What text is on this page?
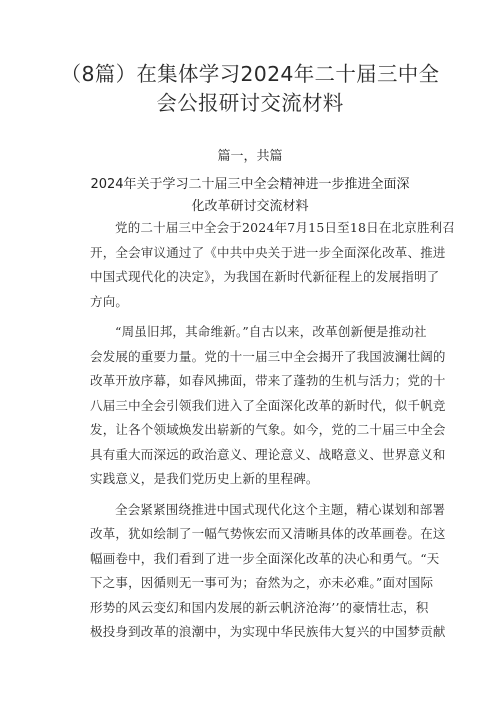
（8篇）在集体学习2024年二十届三中全
会公报研讨交流材料
篇一，共篇
2024年关于学习二十届三中全会精神进一步推进全面深
化改革研讨交流材料
党的二十届三中全会于2024年7月15日至18日在北京胜利召
开，全会审议通过了《中共中央关于进一步全面深化改革、推进
中国式现代化的决定》，为我国在新时代新征程上的发展指明了
方向。
“周虽旧邦，其命维新。”自古以来，改革创新便是推动社
会发展的重要力量。党的十一届三中全会揭开了我国波澜壮阔的
改革开放序幕，如春风拂面，带来了蓬勃的生机与活力；党的十
八届三中全会引领我们进入了全面深化改革的新时代，似千帆竞
发，让各个领域焕发出崭新的气象。如今，党的二十届三中全会
具有重大而深远的政治意义、理论意义、战略意义、世界意义和
实践意义，是我们党历史上新的里程碑。
全会紧紧围绕推进中国式现代化这个主题，精心谋划和部署
改革，犹如绘制了一幅气势恢宏而又清晰具体的改革画卷。在这
幅画卷中，我们看到了进一步全面深化改革的决心和勇气。“天
下之事，因循则无一事可为；奋然为之，亦未必难。”面对国际
形势的风云变幻和国内发展的新云帆济沧海’’的豪情壮志，积
极投身到改革的浪潮中，为实现中华民族伟大复兴的中国梦贡献
